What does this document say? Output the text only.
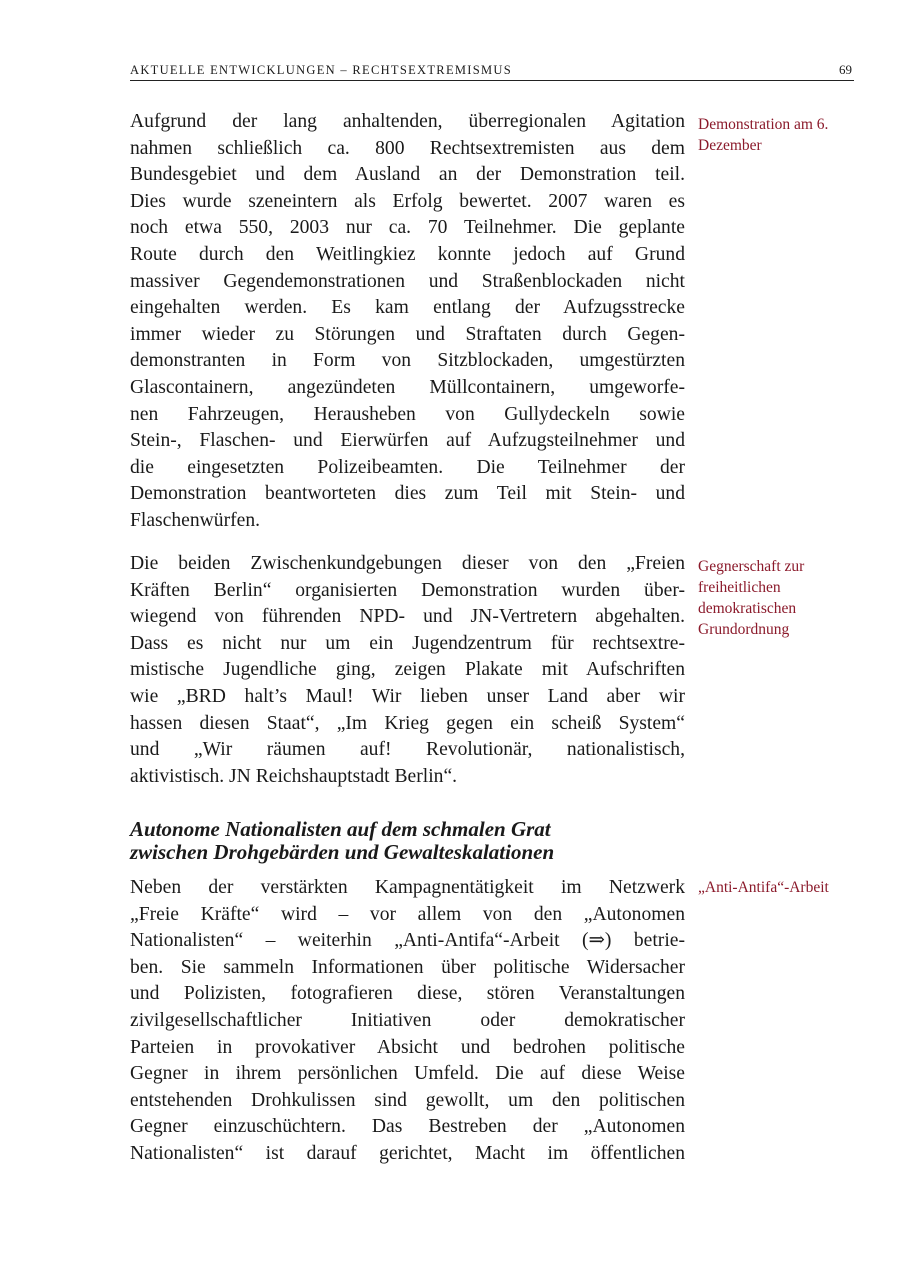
AKTUELLE ENTWICKLUNGEN – RECHTSEXTREMISMUS	69

Demonstration am 6. Dezember

Gegnerschaft zur freiheitlichen demokratischen Grundordnung

„Anti-Antifa“-Arbeit

Aufgrund der lang anhaltenden, überregionalen Agitation
nahmen schließlich ca. 800 Rechtsextremisten aus dem
Bundesgebiet und dem Ausland an der Demonstration teil.
Dies wurde szeneintern als Erfolg bewertet. 2007 waren es
noch etwa 550, 2003 nur ca. 70 Teilnehmer. Die geplante
Route durch den Weitlingkiez konnte jedoch auf Grund
massiver Gegendemonstrationen und Straßenblockaden nicht
eingehalten werden. Es kam entlang der Aufzugsstrecke
immer wieder zu Störungen und Straftaten durch Gegen-
demonstranten in Form von Sitzblockaden, umgestürzten
Glascontainern, angezündeten Müllcontainern, umgeworfe-
nen Fahrzeugen, Herausheben von Gullydeckeln sowie
Stein-, Flaschen- und Eierwürfen auf Aufzugsteilnehmer und
die eingesetzten Polizeibeamten. Die Teilnehmer der
Demonstration beantworteten dies zum Teil mit Stein- und
Flaschenwürfen.
Die beiden Zwischenkundgebungen dieser von den „Freien
Kräften Berlin“ organisierten Demonstration wurden über-
wiegend von führenden NPD- und JN-Vertretern abgehalten.
Dass es nicht nur um ein Jugendzentrum für rechtsextre-
mistische Jugendliche ging, zeigen Plakate mit Aufschriften
wie „BRD halt’s Maul! Wir lieben unser Land aber wir
hassen diesen Staat“, „Im Krieg gegen ein scheiß System“
und „Wir räumen auf! Revolutionär, nationalistisch,
aktivistisch. JN Reichshauptstadt Berlin“.
Autonome Nationalisten auf dem schmalen Grat
zwischen Drohgebärden und Gewalteskalationen
Neben der verstärkten Kampagnentätigkeit im Netzwerk
„Freie Kräfte“ wird – vor allem von den „Autonomen
Nationalisten“ – weiterhin „Anti-Antifa“-Arbeit (⇒) betrie-
ben. Sie sammeln Informationen über politische Widersacher
und Polizisten, fotografieren diese, stören Veranstaltungen
zivilgesellschaftlicher Initiativen oder demokratischer
Parteien in provokativer Absicht und bedrohen politische
Gegner in ihrem persönlichen Umfeld. Die auf diese Weise
entstehenden Drohkulissen sind gewollt, um den politischen
Gegner einzuschüchtern. Das Bestreben der „Autonomen
Nationalisten“ ist darauf gerichtet, Macht im öffentlichen
